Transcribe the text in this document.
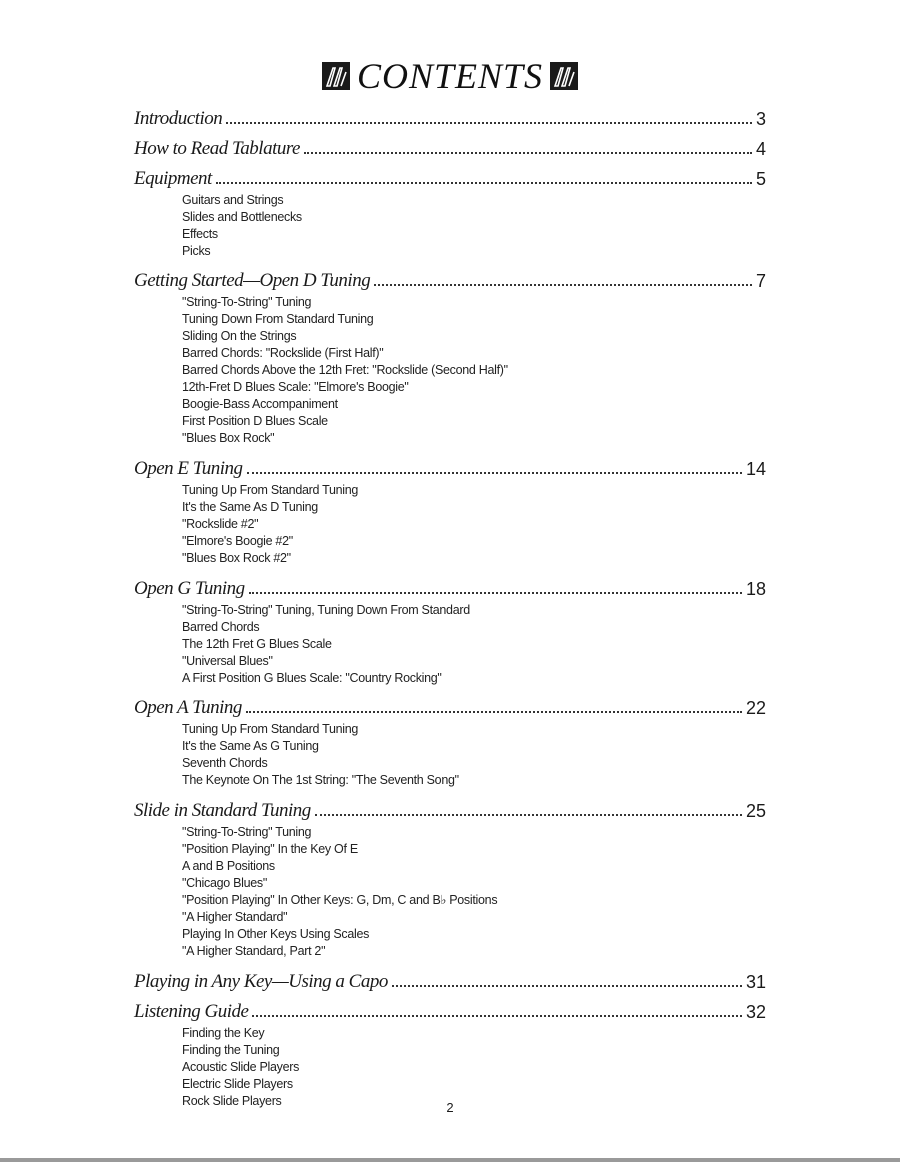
CONTENTS
Introduction	3
How to Read Tablature	4
Equipment	5
Guitars and Strings
Slides and Bottlenecks
Effects
Picks
Getting Started—Open D Tuning	7
"String-To-String" Tuning
Tuning Down From Standard Tuning
Sliding On the Strings
Barred Chords: "Rockslide (First Half)"
Barred Chords Above the 12th Fret: "Rockslide (Second Half)"
12th-Fret D Blues Scale: "Elmore's Boogie"
Boogie-Bass Accompaniment
First Position D Blues Scale
"Blues Box Rock"
Open E Tuning	14
Tuning Up From Standard Tuning
It's the Same As D Tuning
"Rockslide #2"
"Elmore's Boogie #2"
"Blues Box Rock #2"
Open G Tuning	18
"String-To-String" Tuning, Tuning Down From Standard
Barred Chords
The 12th Fret G Blues Scale
"Universal Blues"
A First Position G Blues Scale: "Country Rocking"
Open A Tuning	22
Tuning Up From Standard Tuning
It's the Same As G Tuning
Seventh Chords
The Keynote On The 1st String: "The Seventh Song"
Slide in Standard Tuning	25
"String-To-String" Tuning
"Position Playing" In the Key Of E
A and B Positions
"Chicago Blues"
"Position Playing" In Other Keys: G, Dm, C and B♭ Positions
"A Higher Standard"
Playing In Other Keys Using Scales
"A Higher Standard, Part 2"
Playing in Any Key—Using a Capo	31
Listening Guide	32
Finding the Key
Finding the Tuning
Acoustic Slide Players
Electric Slide Players
Rock Slide Players	2
